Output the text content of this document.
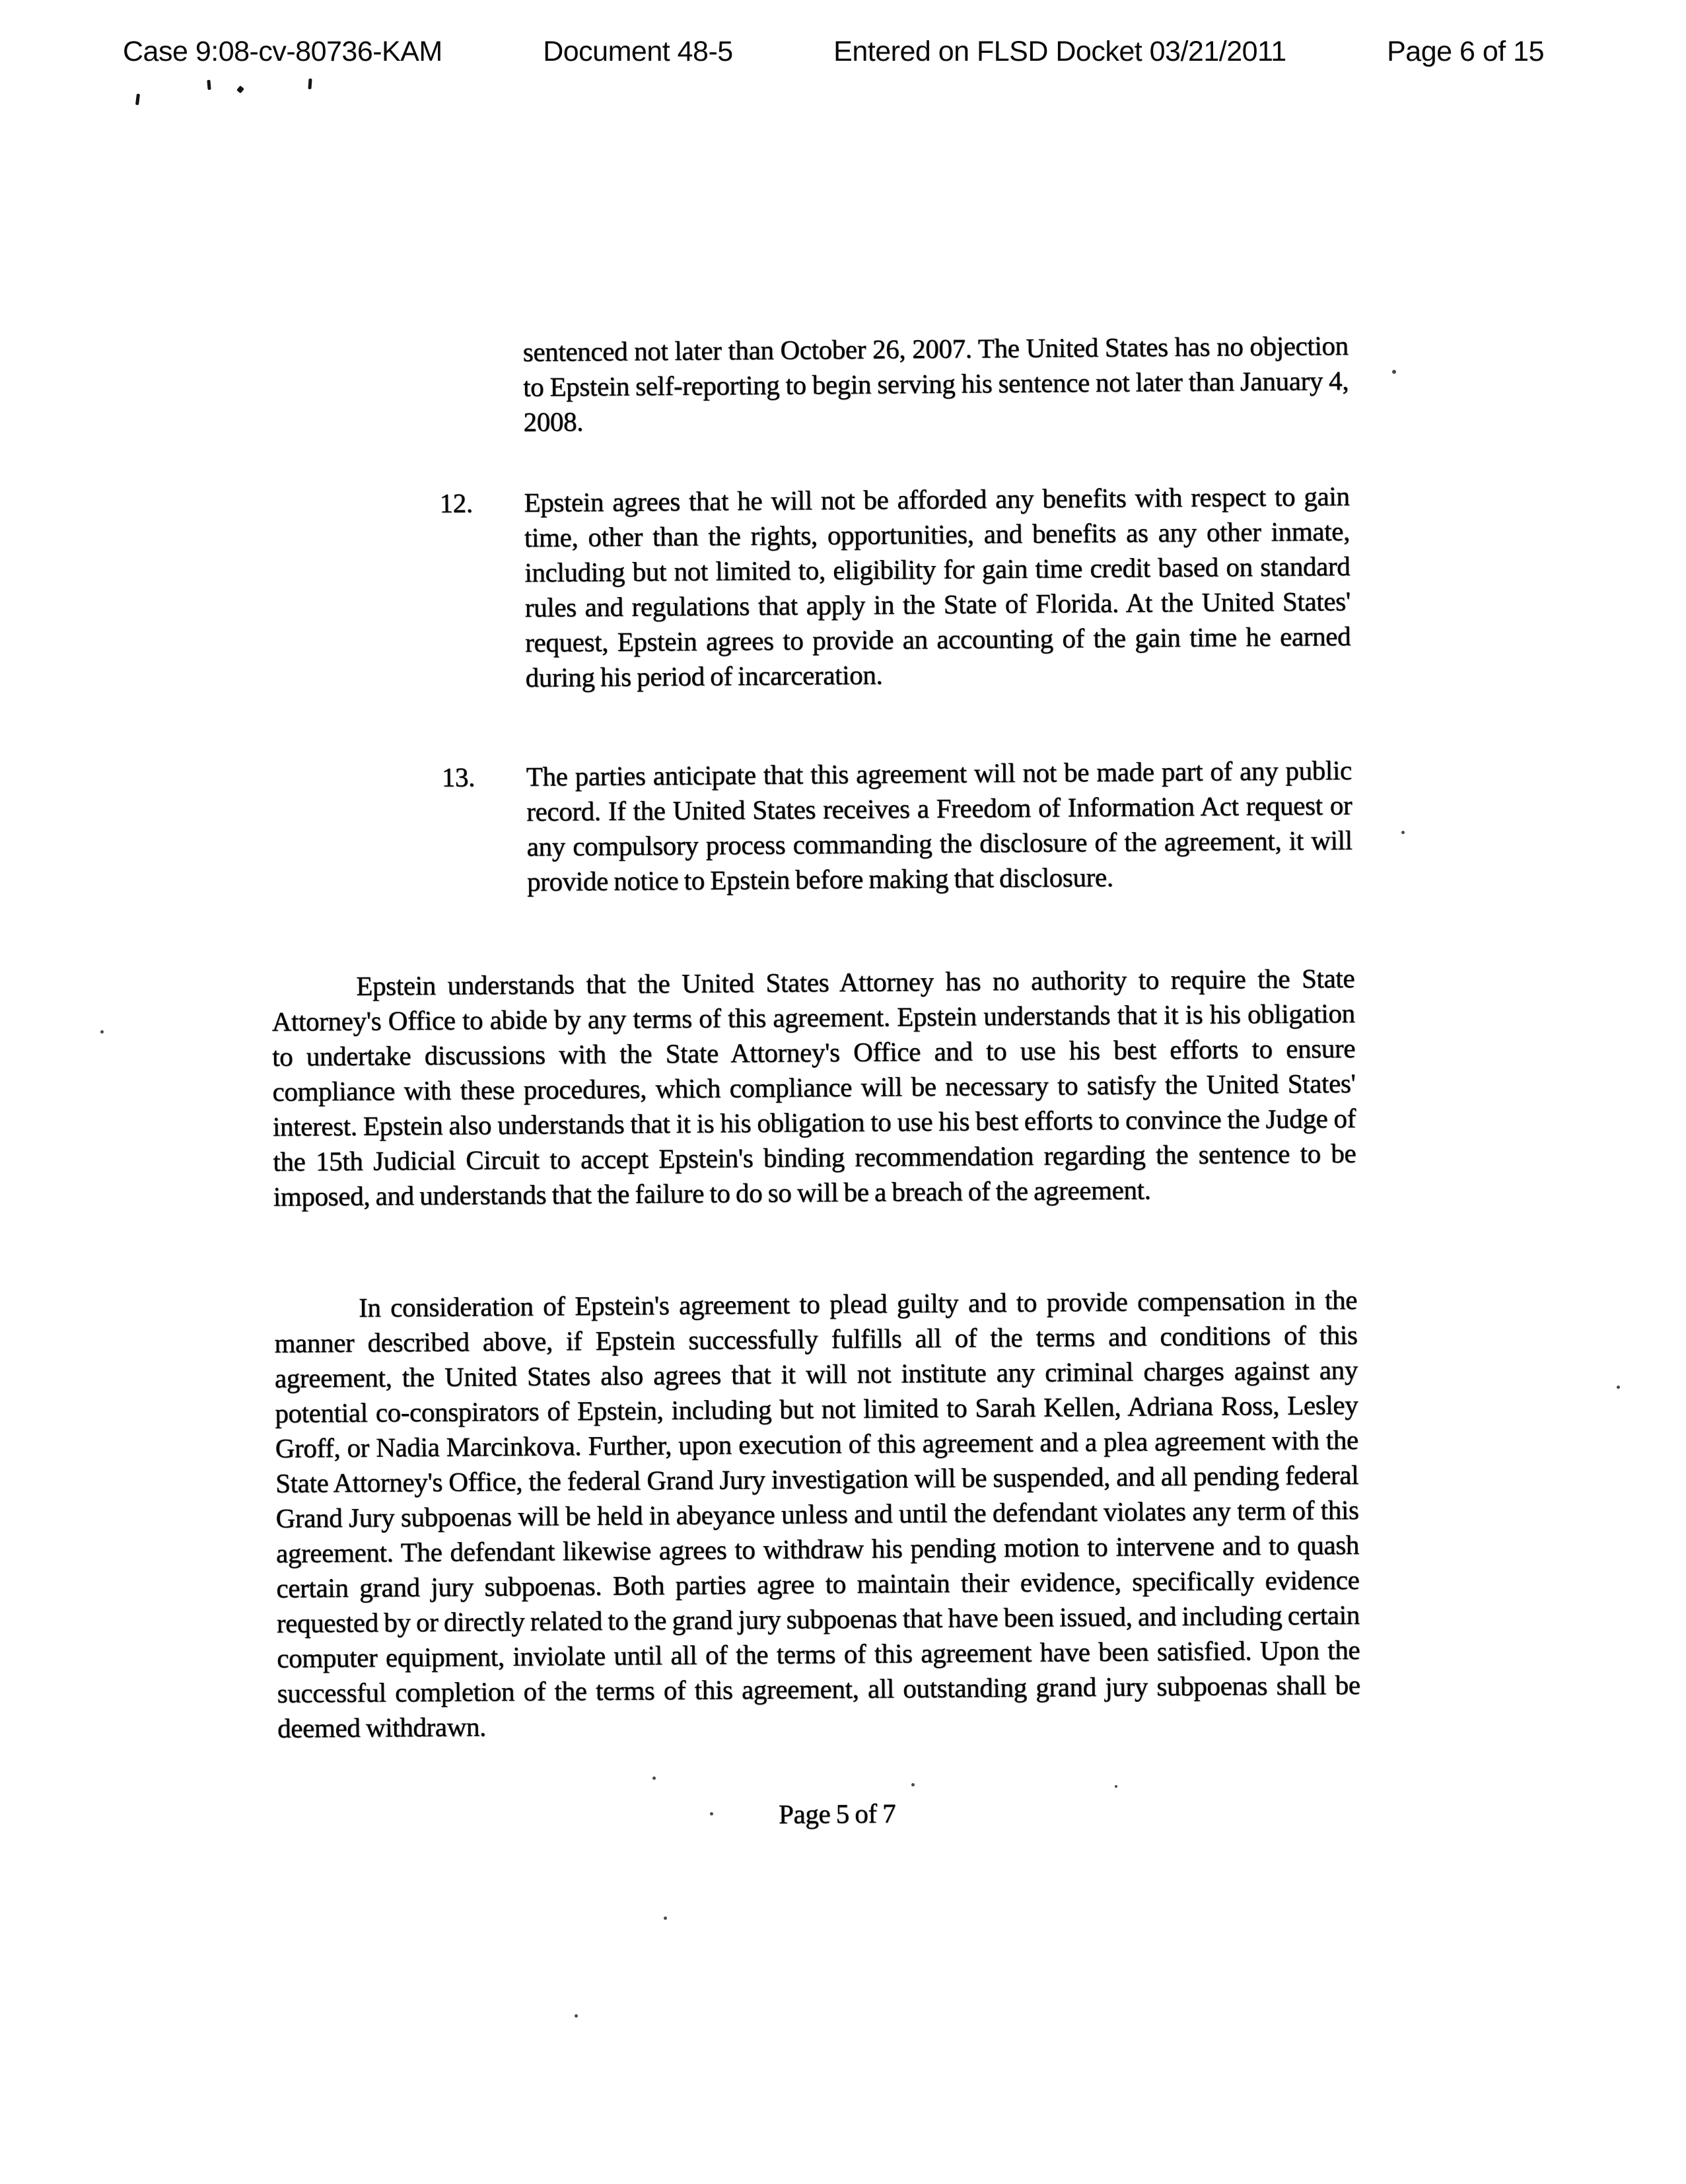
Case 9:08-cv-80736-KAM	Document 48-5	Entered on FLSD Docket 03/21/2011	Page 6 of 15

sentenced not later than October 26, 2007. The United States has no objection to Epstein self-reporting to begin serving his sentence not later than January 4, 2008.

12. Epstein agrees that he will not be afforded any benefits with respect to gain time, other than the rights, opportunities, and benefits as any other inmate, including but not limited to, eligibility for gain time credit based on standard rules and regulations that apply in the State of Florida. At the United States' request, Epstein agrees to provide an accounting of the gain time he earned during his period of incarceration.

13. The parties anticipate that this agreement will not be made part of any public record. If the United States receives a Freedom of Information Act request or any compulsory process commanding the disclosure of the agreement, it will provide notice to Epstein before making that disclosure.

Epstein understands that the United States Attorney has no authority to require the State Attorney's Office to abide by any terms of this agreement. Epstein understands that it is his obligation to undertake discussions with the State Attorney's Office and to use his best efforts to ensure compliance with these procedures, which compliance will be necessary to satisfy the United States' interest. Epstein also understands that it is his obligation to use his best efforts to convince the Judge of the 15th Judicial Circuit to accept Epstein's binding recommendation regarding the sentence to be imposed, and understands that the failure to do so will be a breach of the agreement.

In consideration of Epstein's agreement to plead guilty and to provide compensation in the manner described above, if Epstein successfully fulfills all of the terms and conditions of this agreement, the United States also agrees that it will not institute any criminal charges against any potential co-conspirators of Epstein, including but not limited to Sarah Kellen, Adriana Ross, Lesley Groff, or Nadia Marcinkova. Further, upon execution of this agreement and a plea agreement with the State Attorney's Office, the federal Grand Jury investigation will be suspended, and all pending federal Grand Jury subpoenas will be held in abeyance unless and until the defendant violates any term of this agreement. The defendant likewise agrees to withdraw his pending motion to intervene and to quash certain grand jury subpoenas. Both parties agree to maintain their evidence, specifically evidence requested by or directly related to the grand jury subpoenas that have been issued, and including certain computer equipment, inviolate until all of the terms of this agreement have been satisfied. Upon the successful completion of the terms of this agreement, all outstanding grand jury subpoenas shall be deemed withdrawn.

Page 5 of 7
